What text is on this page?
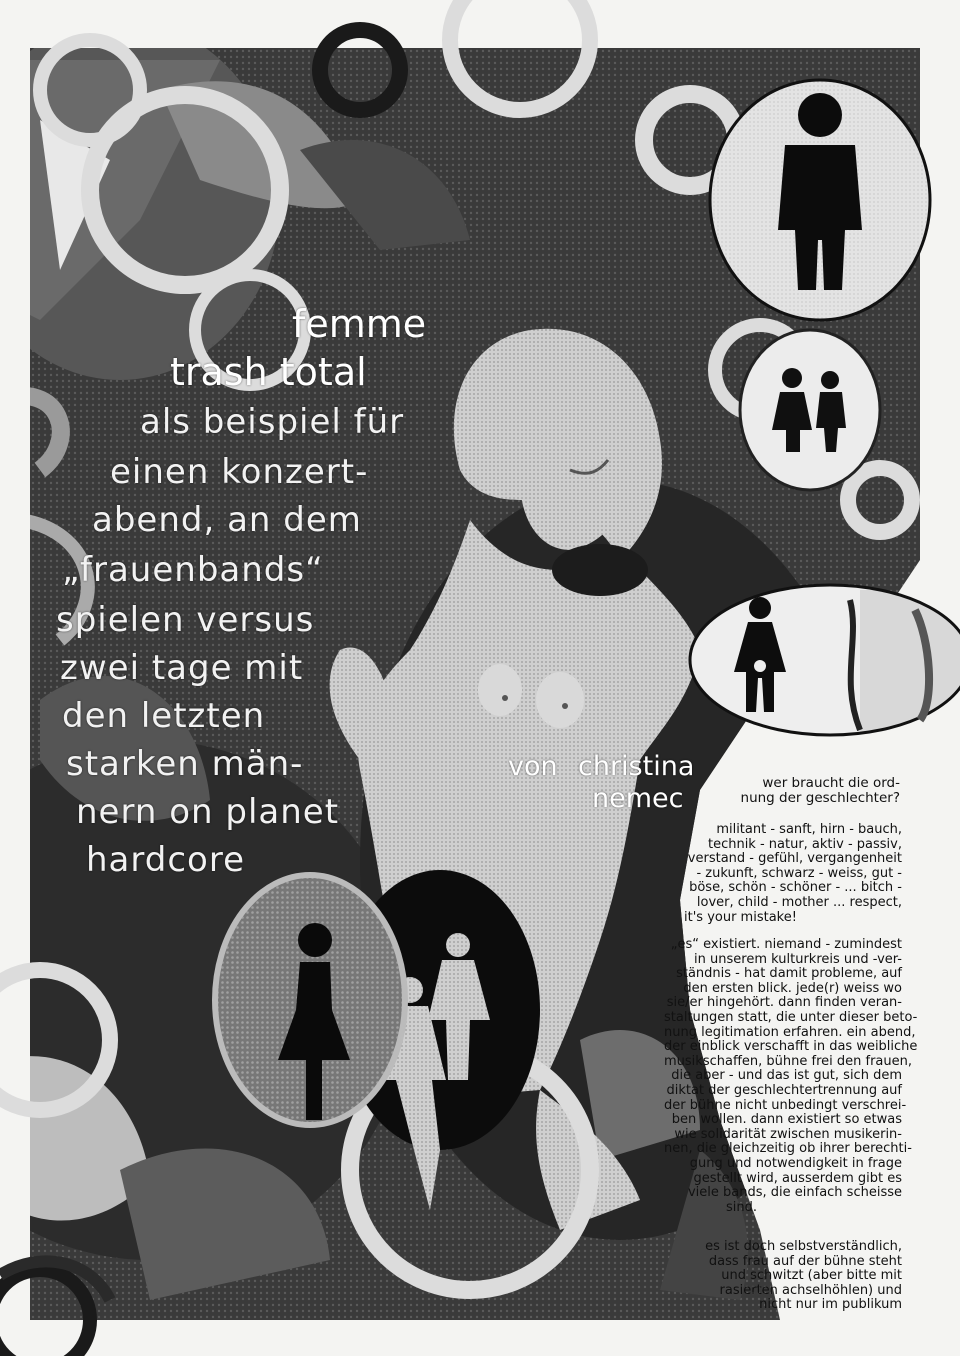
femme
trash total
als beispiel für
einen konzert-
abend, an dem
„frauenbands“
spielen versus
zwei tage mit
den letzten
starken män-
nern on planet
hardcore
von christina
nemec	wer braucht die ord-
nung der geschlechter?

militant - sanft, hirn - bauch,
technik - natur, aktiv - passiv,
verstand - gefühl, vergangenheit
- zukunft, schwarz - weiss, gut -
böse, schön - schöner - ... bitch -
lover, child - mother ... respect,
it's your mistake!

„es“ existiert. niemand - zumindest
in unserem kulturkreis und -ver-
ständnis - hat damit probleme, auf
den ersten blick. jede(r) weiss wo
sie/er hingehört. dann finden veran-
staltungen statt, die unter dieser beto-
nung legitimation erfahren. ein abend,
der einblick verschafft in das weibliche
musikschaffen, bühne frei den frauen,
die aber - und das ist gut, sich dem
diktat der geschlechtertrennung auf
der bühne nicht unbedingt verschrei-
ben wollen. dann existiert so etwas
wie solidarität zwischen musikerin-
nen, die gleichzeitig ob ihrer berechti-
gung und notwendigkeit in frage
gestellt wird, ausserdem gibt es
viele bands, die einfach scheisse
sind.

es ist doch selbstverständlich,
dass frau auf der bühne steht
und schwitzt (aber bitte mit
rasierten achselhöhlen) und
nicht nur im publikum
